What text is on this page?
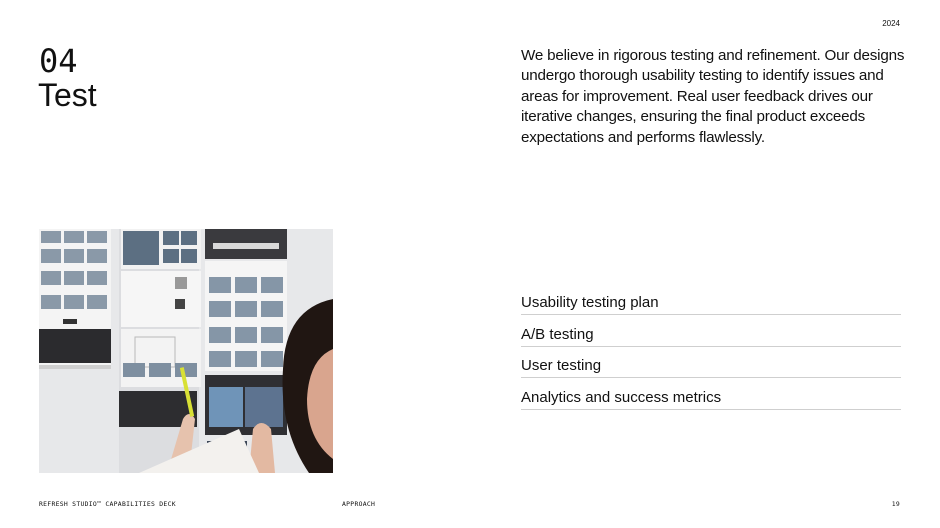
2024
04
Test

We believe in rigorous testing and refinement. Our designs undergo thorough usability testing to identify issues and areas for improvement. Real user feedback drives our iterative changes, ensuring the final product exceeds expectations and performs flawlessly.

Usability testing plan
A/B testing
User testing
Analytics and success metrics
REFRESH STUDIO™ CAPABILITIES DECK	APPROACH	19
